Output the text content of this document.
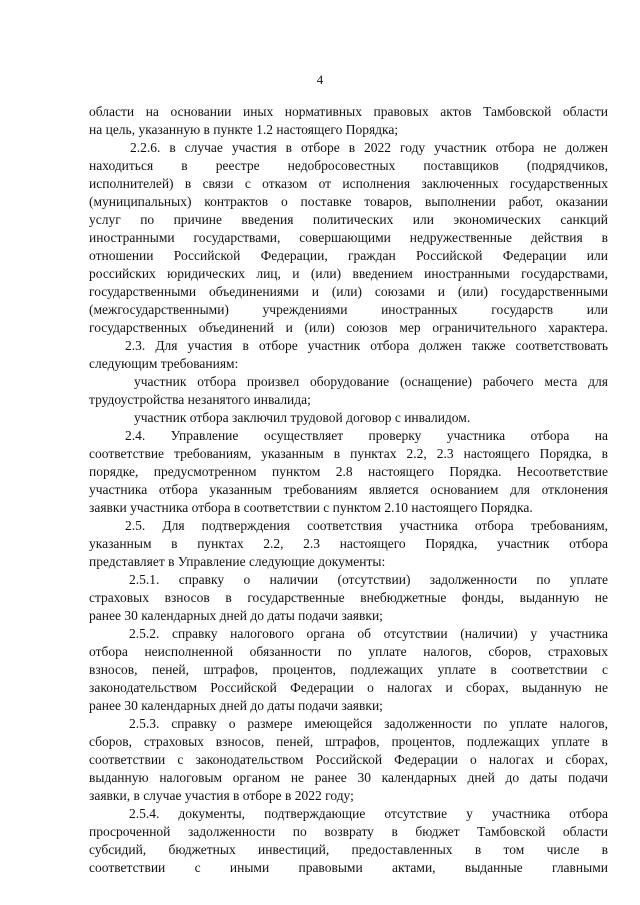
4
области на основании иных нормативных правовых актов Тамбовской области
на цель, указанную в пункте 1.2 настоящего Порядка;
2.2.6. в случае участия в отборе в 2022 году участник отбора не должен
находиться в реестре недобросовестных поставщиков (подрядчиков,
исполнителей) в связи с отказом от исполнения заключенных государственных
(муниципальных) контрактов о поставке товаров, выполнении работ, оказании
услуг по причине введения политических или экономических санкций
иностранными государствами, совершающими недружественные действия в
отношении Российской Федерации, граждан Российской Федерации или
российских юридических лиц, и (или) введением иностранными государствами,
государственными объединениями и (или) союзами и (или) государственными
(межгосударственными) учреждениями иностранных государств или
государственных объединений и (или) союзов мер ограничительного характера.
2.3. Для участия в отборе участник отбора должен также соответствовать
следующим требованиям:
участник отбора произвел оборудование (оснащение) рабочего места для
трудоустройства незанятого инвалида;
участник отбора заключил трудовой договор с инвалидом.
2.4. Управление осуществляет проверку участника отбора на
соответствие требованиям, указанным в пунктах 2.2, 2.3 настоящего Порядка, в
порядке, предусмотренном пунктом 2.8 настоящего Порядка. Несоответствие
участника отбора указанным требованиям является основанием для отклонения
заявки участника отбора в соответствии с пунктом 2.10 настоящего Порядка.
2.5. Для подтверждения соответствия участника отбора требованиям,
указанным в пунктах 2.2, 2.3 настоящего Порядка, участник отбора
представляет в Управление следующие документы:
2.5.1. справку о наличии (отсутствии) задолженности по уплате
страховых взносов в государственные внебюджетные фонды, выданную не
ранее 30 календарных дней до даты подачи заявки;
2.5.2. справку налогового органа об отсутствии (наличии) у участника
отбора неисполненной обязанности по уплате налогов, сборов, страховых
взносов, пеней, штрафов, процентов, подлежащих уплате в соответствии с
законодательством Российской Федерации о налогах и сборах, выданную не
ранее 30 календарных дней до даты подачи заявки;
2.5.3. справку о размере имеющейся задолженности по уплате налогов,
сборов, страховых взносов, пеней, штрафов, процентов, подлежащих уплате в
соответствии с законодательством Российской Федерации о налогах и сборах,
выданную налоговым органом не ранее 30 календарных дней до даты подачи
заявки, в случае участия в отборе в 2022 году;
2.5.4. документы, подтверждающие отсутствие у участника отбора
просроченной задолженности по возврату в бюджет Тамбовской области
субсидий, бюджетных инвестиций, предоставленных в том числе в
соответствии с иными правовыми актами, выданные главными
